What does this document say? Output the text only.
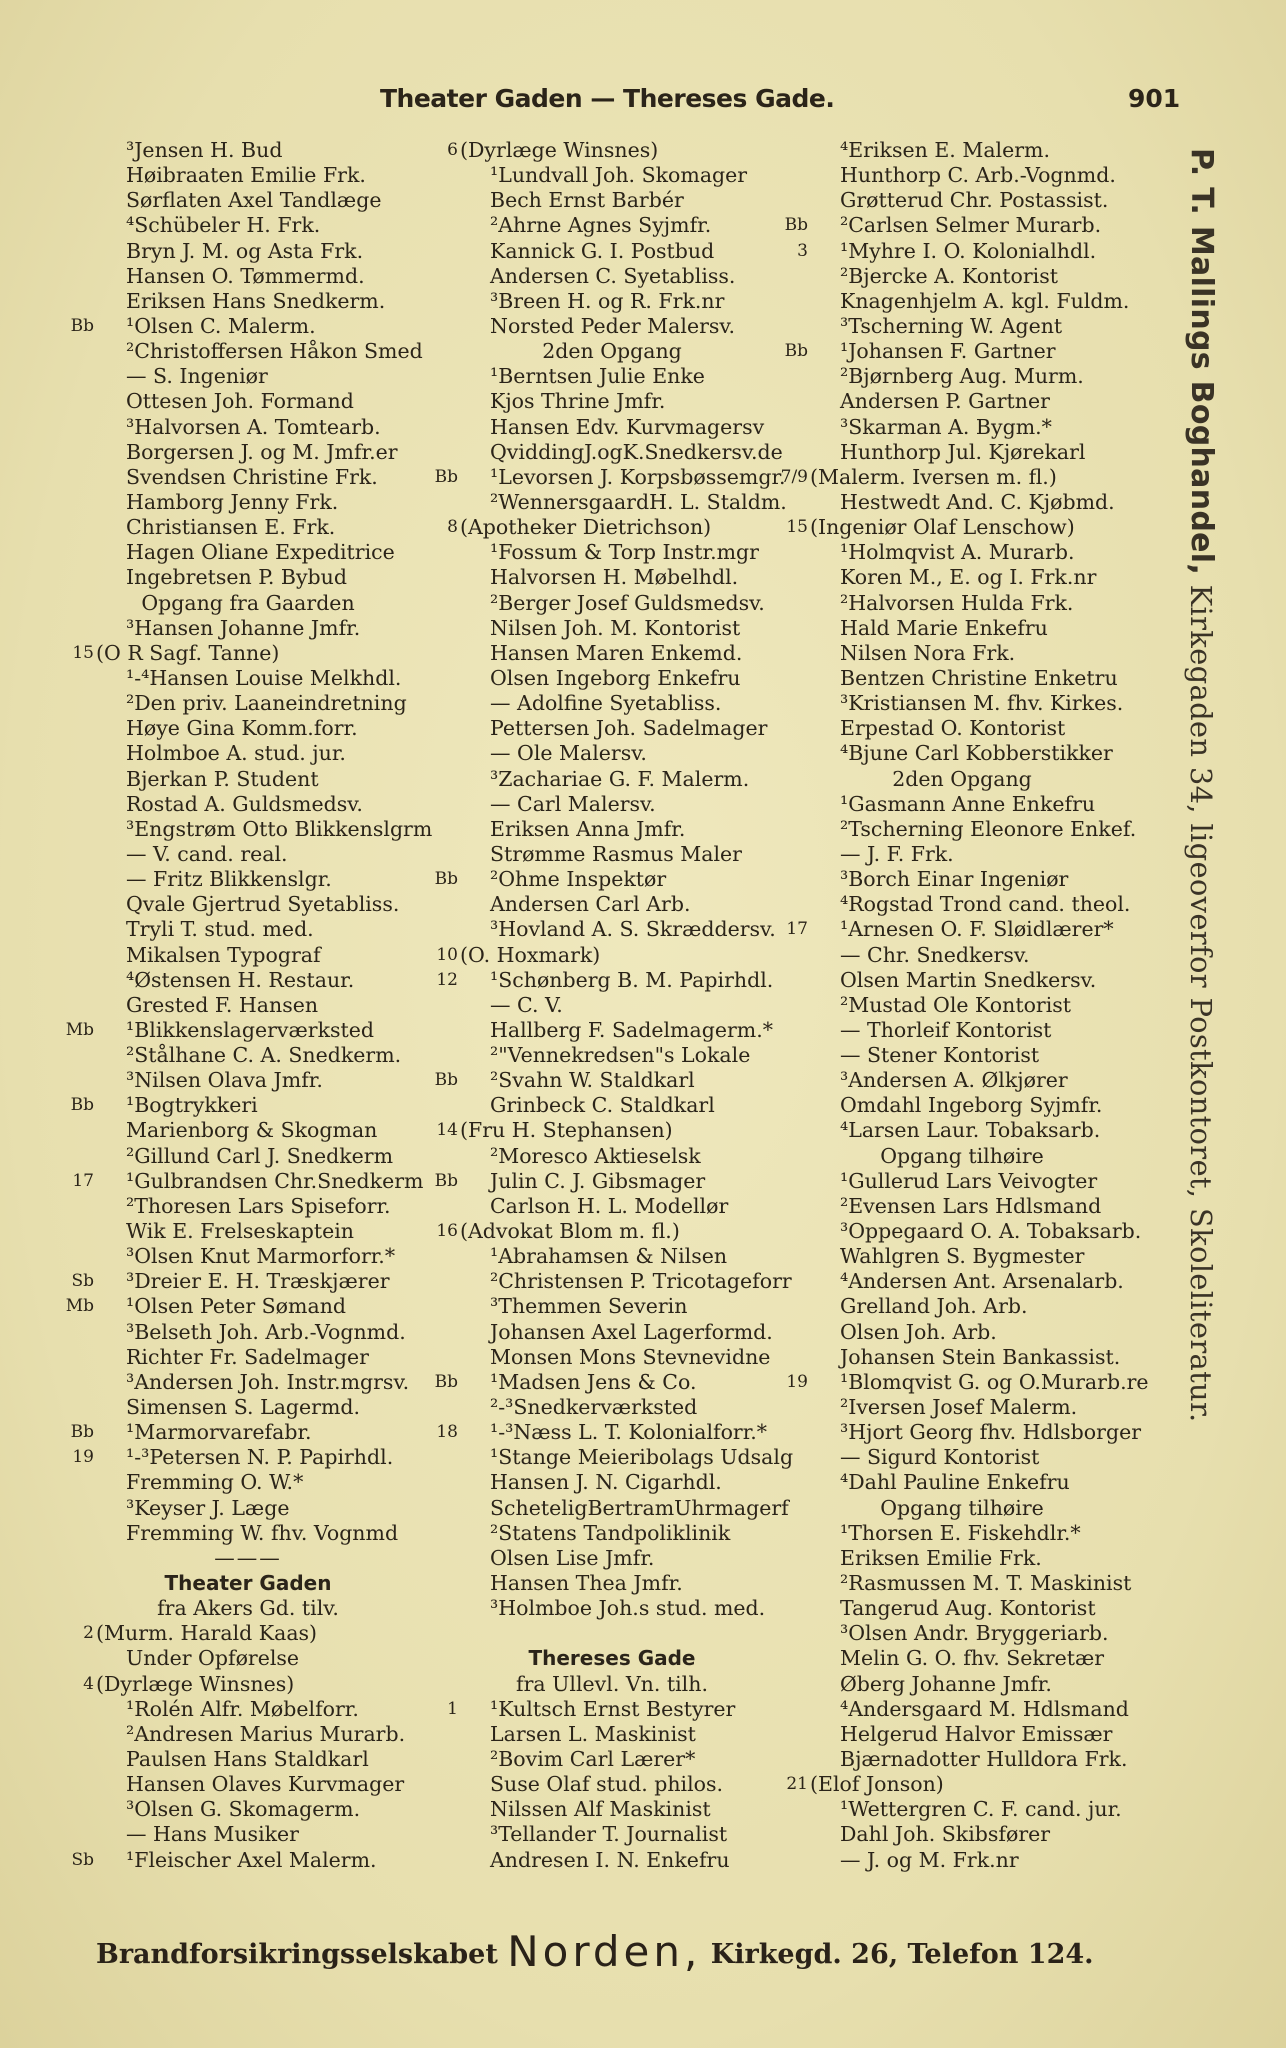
Theater Gaden — Thereses Gade.	901
³Jensen H. Bud
Høibraaten Emilie Frk.
Sørflaten Axel Tandlæge
⁴Schübeler H. Frk.
Bryn J. M. og Asta Frk.
Hansen O. Tømmermd.
Eriksen Hans Snedkerm.
Bb ¹Olsen C. Malerm.
²Christoffersen Håkon Smed
— S. Ingeniør
Ottesen Joh. Formand
³Halvorsen A. Tomtearb.
Borgersen J. og M. Jmfr.er
Svendsen Christine Frk.
Hamborg Jenny Frk.
Christiansen E. Frk.
Hagen Oliane Expeditrice
Ingebretsen P. Bybud
Opgang fra Gaarden
³Hansen Johanne Jmfr.
15 (O R Sagf. Tanne)
¹-⁴Hansen Louise Melkhdl.
²Den priv. Laaneindretning
Høye Gina Komm.forr.
Holmboe A. stud. jur.
Bjerkan P. Student
Rostad A. Guldsmedsv.
³Engstrøm Otto Blikkenslgrm
— V. cand. real.
— Fritz Blikkenslgr.
Qvale Gjertrud Syetabliss.
Tryli T. stud. med.
Mikalsen Typograf
⁴Østensen H. Restaur.
Grested F. Hansen
Mb ¹Blikkenslagerværksted
²Stålhane C. A. Snedkerm.
³Nilsen Olava Jmfr.
Bb ¹Bogtrykkeri
Marienborg & Skogman
²Gillund Carl J. Snedkerm
17 ¹Gulbrandsen Chr.Snedkerm
²Thoresen Lars Spiseforr.
Wik E. Frelseskaptein
³Olsen Knut Marmorforr.*
Sb ³Dreier E. H. Træskjærer
Mb ¹Olsen Peter Sømand
³Belseth Joh. Arb.-Vognmd.
Richter Fr. Sadelmager
³Andersen Joh. Instr.mgrsv.
Simensen S. Lagermd.
Bb ¹Marmorvarefabr.
19 ¹-³Petersen N. P. Papirhdl.
Fremming O. W.*
³Keyser J. Læge
Fremming W. fhv. Vognmd
———
Theater Gaden
fra Akers Gd. tilv.
2 (Murm. Harald Kaas)
Under Opførelse
4 (Dyrlæge Winsnes)
¹Rolén Alfr. Møbelforr.
²Andresen Marius Murarb.
Paulsen Hans Staldkarl
Hansen Olaves Kurvmager
³Olsen G. Skomagerm.
— Hans Musiker
Sb ¹Fleischer Axel Malerm.
6 (Dyrlæge Winsnes)
¹Lundvall Joh. Skomager
Bech Ernst Barbér
²Ahrne Agnes Syjmfr.
Kannick G. I. Postbud
Andersen C. Syetabliss.
³Breen H. og R. Frk.nr
Norsted Peder Malersv.
2den Opgang
¹Berntsen Julie Enke
Kjos Thrine Jmfr.
Hansen Edv. Kurvmagersv
QviddingJ.ogK.Snedkersv.de
Bb ¹Levorsen J. Korpsbøssemgr.
²WennersgaardH. L. Staldm.
8 (Apotheker Dietrichson)
¹Fossum & Torp Instr.mgr
Halvorsen H. Møbelhdl.
²Berger Josef Guldsmedsv.
Nilsen Joh. M. Kontorist
Hansen Maren Enkemd.
Olsen Ingeborg Enkefru
— Adolfine Syetabliss.
Pettersen Joh. Sadelmager
— Ole Malersv.
³Zachariae G. F. Malerm.
— Carl Malersv.
Eriksen Anna Jmfr.
Strømme Rasmus Maler
Bb ²Ohme Inspektør
Andersen Carl Arb.
³Hovland A. S. Skræddersv.
10 (O. Hoxmark)
12 ¹Schønberg B. M. Papirhdl.
— C. V.
Hallberg F. Sadelmagerm.*
²"Vennekredsen"s Lokale
Bb ²Svahn W. Staldkarl
Grinbeck C. Staldkarl
14 (Fru H. Stephansen)
²Moresco Aktieselsk
Bb Julin C. J. Gibsmager
Carlson H. L. Modellør
16 (Advokat Blom m. fl.)
¹Abrahamsen & Nilsen
²Christensen P. Tricotageforr
³Themmen Severin
Johansen Axel Lagerformd.
Monsen Mons Stevnevidne
Bb ¹Madsen Jens & Co.
²-³Snedkerværksted
18 ¹-³Næss L. T. Kolonialforr.*
¹Stange Meieribolags Udsalg
Hansen J. N. Cigarhdl.
ScheteligBertramUhrmagerf
²Statens Tandpoliklinik
Olsen Lise Jmfr.
Hansen Thea Jmfr.
³Holmboe Joh.s stud. med.
Thereses Gade
fra Ullevl. Vn. tilh.
1 ¹Kultsch Ernst Bestyrer
Larsen L. Maskinist
²Bovim Carl Lærer*
Suse Olaf stud. philos.
Nilssen Alf Maskinist
³Tellander T. Journalist
Andresen I. N. Enkefru
⁴Eriksen E. Malerm.
Hunthorp C. Arb.-Vognmd.
Grøtterud Chr. Postassist.
Bb ²Carlsen Selmer Murarb.
3 ¹Myhre I. O. Kolonialhdl.
²Bjercke A. Kontorist
Knagenhjelm A. kgl. Fuldm.
³Tscherning W. Agent
Bb ¹Johansen F. Gartner
²Bjørnberg Aug. Murm.
Andersen P. Gartner
³Skarman A. Bygm.*
Hunthorp Jul. Kjørekarl
7/9 (Malerm. Iversen m. fl.)
Hestwedt And. C. Kjøbmd.
15 (Ingeniør Olaf Lenschow)
¹Holmqvist A. Murarb.
Koren M., E. og I. Frk.nr
²Halvorsen Hulda Frk.
Hald Marie Enkefru
Nilsen Nora Frk.
Bentzen Christine Enketru
³Kristiansen M. fhv. Kirkes.
Erpestad O. Kontorist
⁴Bjune Carl Kobberstikker
2den Opgang
¹Gasmann Anne Enkefru
²Tscherning Eleonore Enkef.
— J. F. Frk.
³Borch Einar Ingeniør
⁴Rogstad Trond cand. theol.
17 ¹Arnesen O. F. Sløidlærer*
— Chr. Snedkersv.
Olsen Martin Snedkersv.
²Mustad Ole Kontorist
— Thorleif Kontorist
— Stener Kontorist
³Andersen A. Ølkjører
Omdahl Ingeborg Syjmfr.
⁴Larsen Laur. Tobaksarb.
Opgang tilhøire
¹Gullerud Lars Veivogter
²Evensen Lars Hdlsmand
³Oppegaard O. A. Tobaksarb.
Wahlgren S. Bygmester
⁴Andersen Ant. Arsenalarb.
Grelland Joh. Arb.
Olsen Joh. Arb.
Johansen Stein Bankassist.
19 ¹Blomqvist G. og O.Murarb.re
²Iversen Josef Malerm.
³Hjort Georg fhv. Hdlsborger
— Sigurd Kontorist
⁴Dahl Pauline Enkefru
Opgang tilhøire
¹Thorsen E. Fiskehdlr.*
Eriksen Emilie Frk.
²Rasmussen M. T. Maskinist
Tangerud Aug. Kontorist
³Olsen Andr. Bryggeriarb.
Melin G. O. fhv. Sekretær
Øberg Johanne Jmfr.
⁴Andersgaard M. Hdlsmand
Helgerud Halvor Emissær
Bjærnadotter Hulldora Frk.
21 (Elof Jonson)
¹Wettergren C. F. cand. jur.
Dahl Joh. Skibsfører
— J. og M. Frk.nr
P. T. Mallings Boghandel, Kirkegaden 34, ligeoverfor Postkontoret, Skoleliteratur.
Brandforsikringsselskabet Norden, Kirkegd. 26, Telefon 124.
